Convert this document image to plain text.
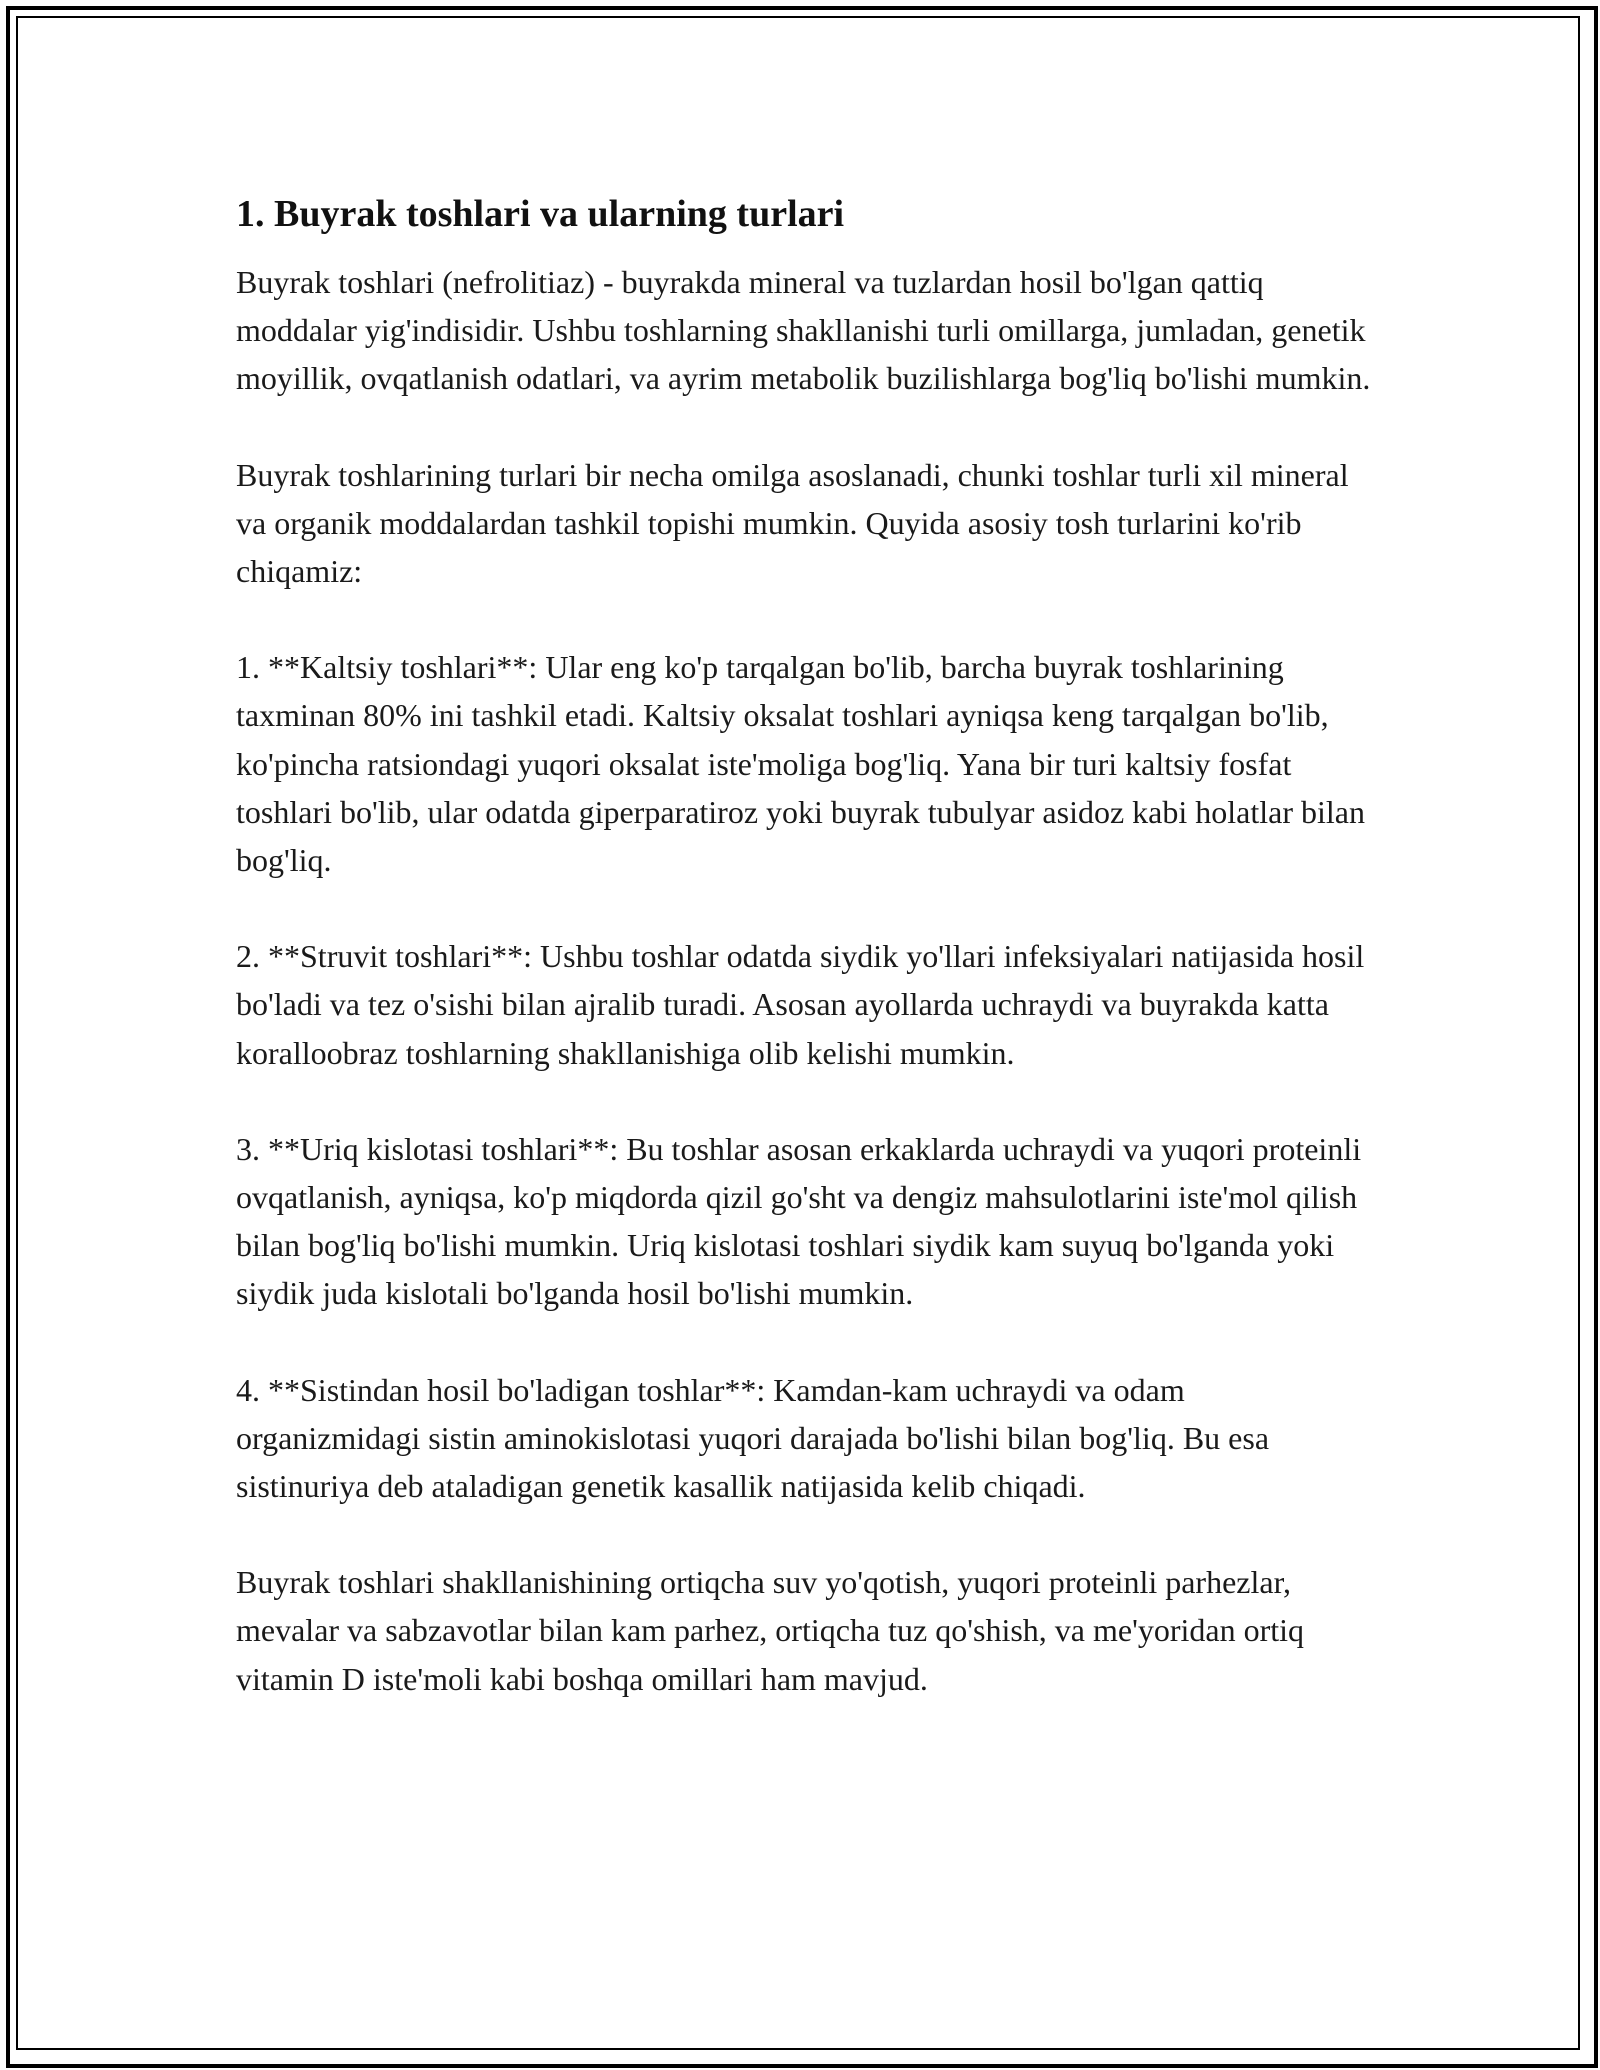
1. Buyrak toshlari va ularning turlari

Buyrak toshlari (nefrolitiaz) - buyrakda mineral va tuzlardan hosil bo'lgan qattiq moddalar yig'indisidir. Ushbu toshlarning shakllanishi turli omillarga, jumladan, genetik moyillik, ovqatlanish odatlari, va ayrim metabolik buzilishlarga bog'liq bo'lishi mumkin.

Buyrak toshlarining turlari bir necha omilga asoslanadi, chunki toshlar turli xil mineral va organik moddalardan tashkil topishi mumkin. Quyida asosiy tosh turlarini ko'rib chiqamiz:

1. **Kaltsiy toshlari**: Ular eng ko'p tarqalgan bo'lib, barcha buyrak toshlarining taxminan 80% ini tashkil etadi. Kaltsiy oksalat toshlari ayniqsa keng tarqalgan bo'lib, ko'pincha ratsiondagi yuqori oksalat iste'moliga bog'liq. Yana bir turi kaltsiy fosfat toshlari bo'lib, ular odatda giperparatiroz yoki buyrak tubulyar asidoz kabi holatlar bilan bog'liq.

2. **Struvit toshlari**: Ushbu toshlar odatda siydik yo'llari infeksiyalari natijasida hosil bo'ladi va tez o'sishi bilan ajralib turadi. Asosan ayollarda uchraydi va buyrakda katta koralloobraz toshlarning shakllanishiga olib kelishi mumkin.

3. **Uriq kislotasi toshlari**: Bu toshlar asosan erkaklarda uchraydi va yuqori proteinli ovqatlanish, ayniqsa, ko'p miqdorda qizil go'sht va dengiz mahsulotlarini iste'mol qilish bilan bog'liq bo'lishi mumkin. Uriq kislotasi toshlari siydik kam suyuq bo'lganda yoki siydik juda kislotali bo'lganda hosil bo'lishi mumkin.

4. **Sistindan hosil bo'ladigan toshlar**: Kamdan-kam uchraydi va odam organizmidagi sistin aminokislotasi yuqori darajada bo'lishi bilan bog'liq. Bu esa sistinuriya deb ataladigan genetik kasallik natijasida kelib chiqadi.

Buyrak toshlari shakllanishining ortiqcha suv yo'qotish, yuqori proteinli parhezlar, mevalar va sabzavotlar bilan kam parhez, ortiqcha tuz qo'shish, va me'yoridan ortiq vitamin D iste'moli kabi boshqa omillari ham mavjud.
